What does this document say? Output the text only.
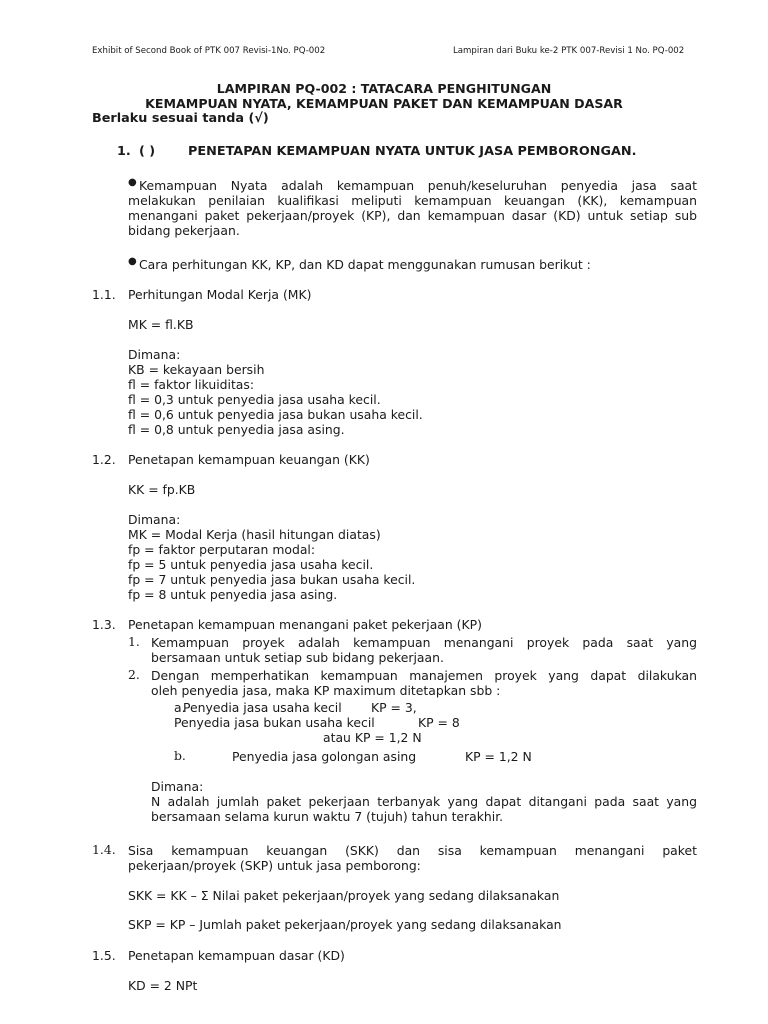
Exhibit of Second Book of PTK 007 Revisi-1No. PQ-002	Lampiran dari Buku ke-2 PTK 007-Revisi 1 No. PQ-002
LAMPIRAN PQ-002 : TATACARA PENGHITUNGAN
KEMAMPUAN NYATA, KEMAMPUAN PAKET DAN KEMAMPUAN DASAR
Berlaku sesuai tanda (√)
1. ( )	PENETAPAN KEMAMPUAN NYATA UNTUK JASA PEMBORONGAN.
● Kemampuan Nyata adalah kemampuan penuh/keseluruhan penyedia jasa saat
melakukan penilaian kualifikasi meliputi kemampuan keuangan (KK), kemampuan
menangani paket pekerjaan/proyek (KP), dan kemampuan dasar (KD) untuk setiap sub
bidang pekerjaan.
● Cara perhitungan KK, KP, dan KD dapat menggunakan rumusan berikut :
1.1. Perhitungan Modal Kerja (MK)
MK = fl.KB
Dimana:
KB = kekayaan bersih
fl = faktor likuiditas:
fl = 0,3 untuk penyedia jasa usaha kecil.
fl = 0,6 untuk penyedia jasa bukan usaha kecil.
fl = 0,8 untuk penyedia jasa asing.
1.2. Penetapan kemampuan keuangan (KK)
KK = fp.KB
Dimana:
MK = Modal Kerja (hasil hitungan diatas)
fp = faktor perputaran modal:
fp = 5 untuk penyedia jasa usaha kecil.
fp = 7 untuk penyedia jasa bukan usaha kecil.
fp = 8 untuk penyedia jasa asing.
1.3. Penetapan kemampuan menangani paket pekerjaan (KP)
1. Kemampuan proyek adalah kemampuan menangani proyek pada saat yang
bersamaan untuk setiap sub bidang pekerjaan.
2. Dengan memperhatikan kemampuan manajemen proyek yang dapat dilakukan
oleh penyedia jasa, maka KP maximum ditetapkan sbb :
a.
Penyedia jasa usaha kecil KP = 3,
Penyedia jasa bukan usaha kecil	KP = 8
atau KP = 1,2 N
b.	Penyedia jasa golongan asing	KP = 1,2 N
Dimana:
N adalah jumlah paket pekerjaan terbanyak yang dapat ditangani pada saat yang
bersamaan selama kurun waktu 7 (tujuh) tahun terakhir.
1.4. Sisa kemampuan keuangan (SKK) dan sisa kemampuan menangani paket
pekerjaan/proyek (SKP) untuk jasa pemborong:
SKK = KK – Σ Nilai paket pekerjaan/proyek yang sedang dilaksanakan
SKP = KP – Jumlah paket pekerjaan/proyek yang sedang dilaksanakan
1.5. Penetapan kemampuan dasar (KD)
KD = 2 NPt
